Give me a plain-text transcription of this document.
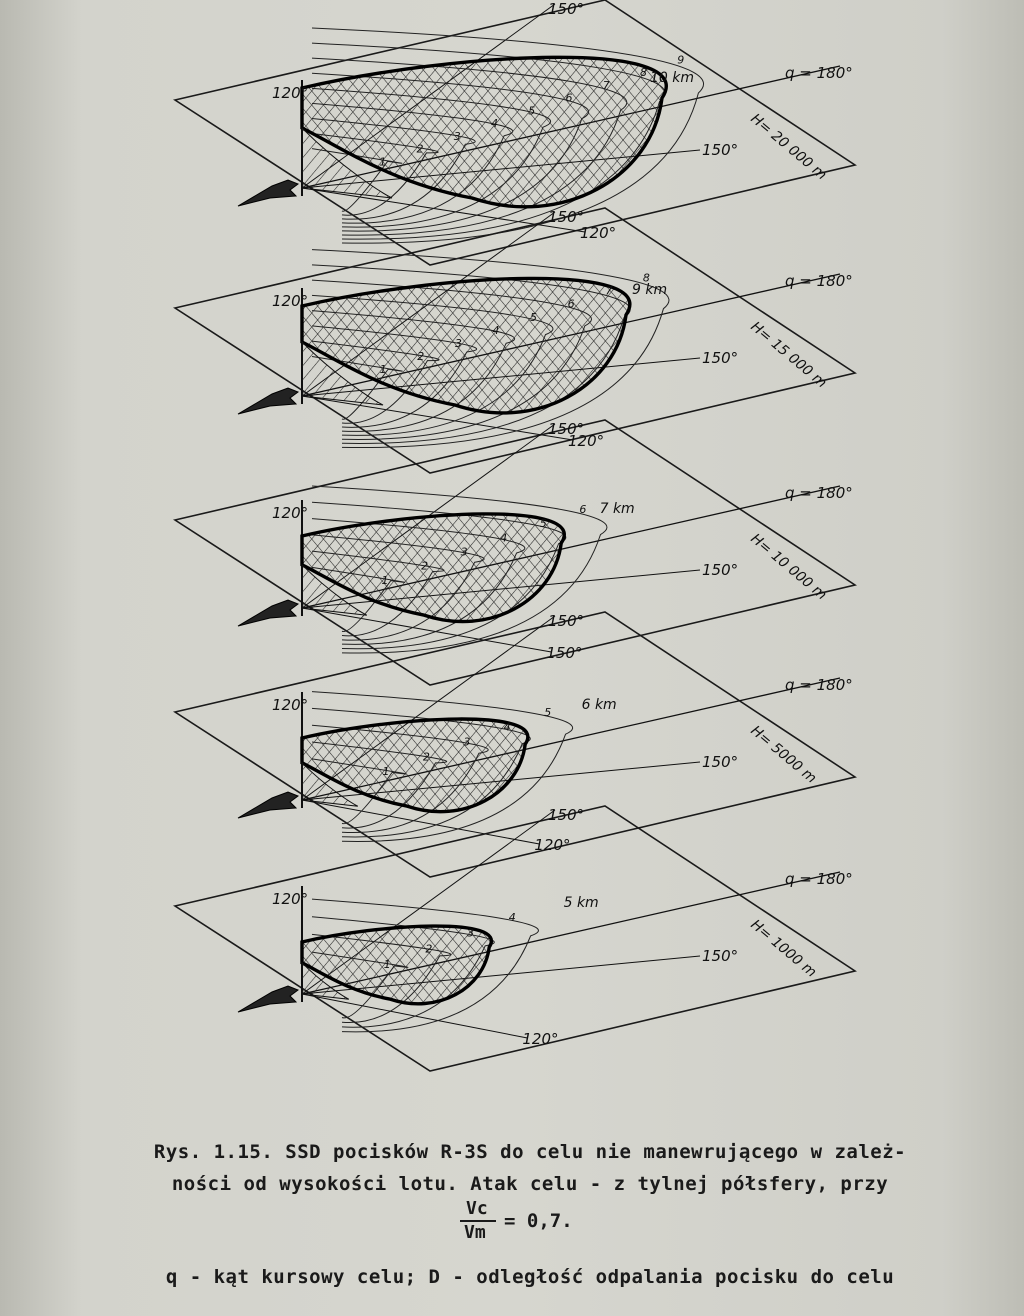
1
2
3
4
5
6
7
8
9
120°
150°
150°
120°
10 km	q = 180°
H= 20 000 m
1
2
3
4
5
6
7
8
120°
150°
150°
120°
9 km	q = 180°
H= 15 000 m
1
2
3
4
5
6
120°
150°
150°
150°
7 km
q = 180°
H= 10 000 m
1
2
3
4
5
120°
150°
150°
120°
6 km
q = 180°
H= 5000 m
1
2
3
4
120°
150°
150°
120°
5 km
q = 180°
H= 1000 m
Rys. 1.15. SSD pocisków R-3S do celu nie manewrującego w zależ-
ności od wysokości lotu. Atak celu - z tylnej półsfery, przy
Vc
Vm
= 0,7.
q - kąt kursowy celu; D - odległość odpalania pocisku do celu
